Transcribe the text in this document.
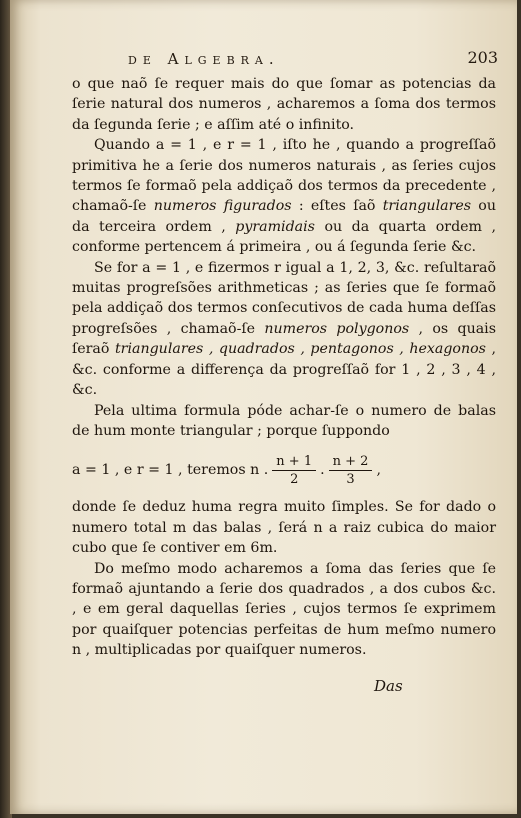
de Algebra.	203

o que naõ ſe requer mais do que ſomar as potencias da ſerie natural dos numeros , acharemos a ſoma dos termos da ſegunda ſerie ; e aſſim até o infinito.

Quando a = 1 , e r = 1 , iſto he , quando a progreſſaõ primitiva he a ſerie dos numeros naturais , as ſeries cujos termos ſe formaõ pela addiçaõ dos termos da precedente , chamaõ-ſe numeros figurados : eſtes ſaõ triangulares ou da terceira ordem , pyramidais ou da quarta ordem , conforme pertencem á primeira , ou á ſegunda ſerie &c.

Se for a = 1 , e fizermos r igual a 1, 2, 3, &c. reſultaraõ muitas progreſsões arithmeticas ; as ſeries que ſe formaõ pela addiçaõ dos termos conſecutivos de cada huma deſſas progreſsões , chamaõ-ſe numeros polygonos , os quais ſeraõ triangulares , quadrados , pentagonos , hexagonos , &c. conforme a differença da progreſſaõ for 1 , 2 , 3 , 4 , &c.

Pela ultima formula póde achar-ſe o numero de balas de hum monte triangular ; porque ſuppondo

a = 1 , e r = 1 , teremos n . $\frac{n + 1}{2}$ . $\frac{n + 2}{3}$ ,

donde ſe deduz huma regra muito ſimples. Se for dado o numero total m das balas , ſerá n a raiz cubica do maior cubo que ſe contiver em 6m.

Do meſmo modo acharemos a ſoma das ſeries que ſe formaõ ajuntando a ſerie dos quadrados , a dos cubos &c. , e em geral daquellas ſeries , cujos termos ſe exprimem por quaiſquer potencias perfeitas de hum meſmo numero n , multiplicadas por quaiſquer numeros.

Das
